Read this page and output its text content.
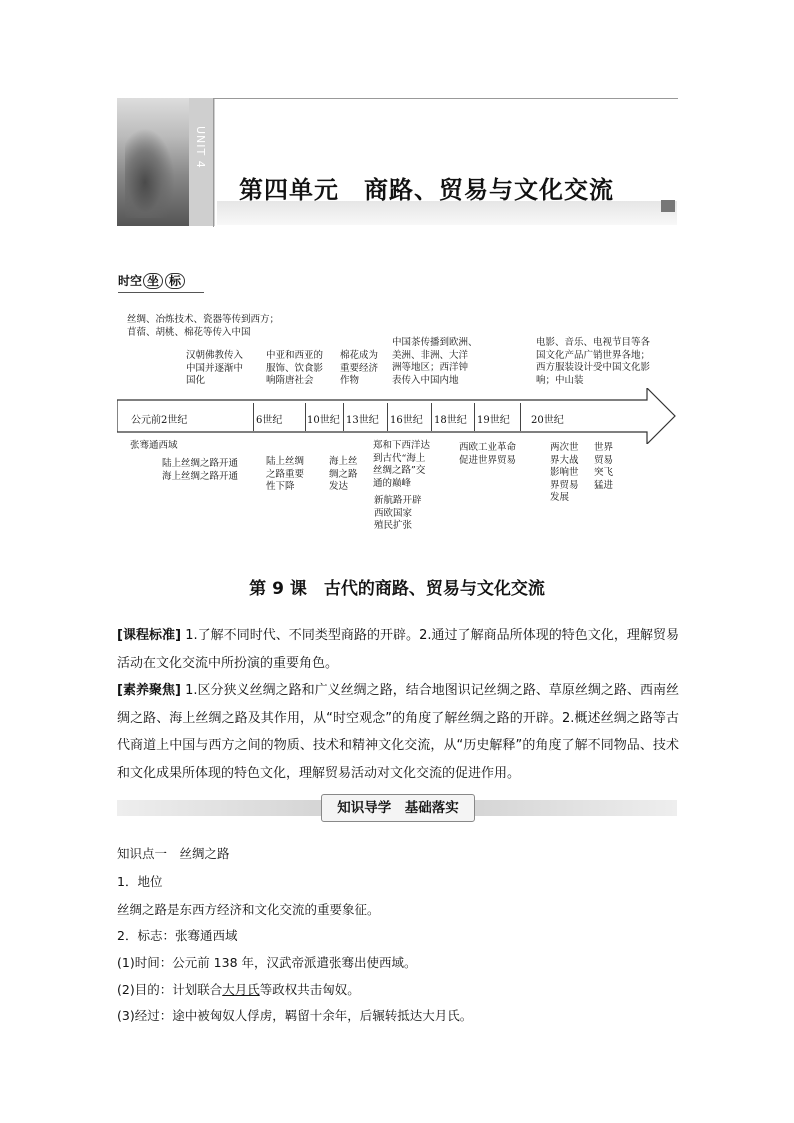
UNIT 4
第四单元　商路、贸易与文化交流
时空 坐 标
丝绸、冶炼技术、瓷器等传到西方；
苜蓿、胡桃、棉花等传入中国
汉朝佛教传入
中国并逐渐中
国化
中亚和西亚的
服饰、饮食影
响隋唐社会
棉花成为
重要经济
作物
中国茶传播到欧洲、
美洲、非洲、大洋
洲等地区；西洋钟
表传入中国内地
电影、音乐、电视节目等各
国文化产品广销世界各地；
西方服装设计受中国文化影
响；中山装
公元前2世纪	6世纪 10世纪 13世纪 16世纪 18世纪 19世纪 20世纪
张骞通西域
陆上丝绸之路开通
海上丝绸之路开通
陆上丝绸
之路重要
性下降
海上丝
绸之路
发达
郑和下西洋达
到古代“海上
丝绸之路”交
通的巅峰
新航路开辟
西欧国家
殖民扩张
西欧工业革命
促进世界贸易
两次世
界大战
影响世
界贸易
发展
世界
贸易
突飞
猛进
第 9 课　古代的商路、贸易与文化交流
[课程标准] 1.了解不同时代、不同类型商路的开辟。2.通过了解商品所体现的特色文化，理解贸易活动在文化交流中所扮演的重要角色。
[素养聚焦] 1.区分狭义丝绸之路和广义丝绸之路，结合地图识记丝绸之路、草原丝绸之路、西南丝绸之路、海上丝绸之路及其作用，从“时空观念”的角度了解丝绸之路的开辟。2.概述丝绸之路等古代商道上中国与西方之间的物质、技术和精神文化交流，从“历史解释”的角度了解不同物品、技术和文化成果所体现的特色文化，理解贸易活动对文化交流的促进作用。
知识导学　基础落实
知识点一　丝绸之路
1．地位
丝绸之路是东西方经济和文化交流的重要象征。
2．标志：张骞通西域
(1)时间：公元前 138 年，汉武帝派遣张骞出使西域。
(2)目的：计划联合大月氏等政权共击匈奴。
(3)经过：途中被匈奴人俘虏，羁留十余年，后辗转抵达大月氏。
